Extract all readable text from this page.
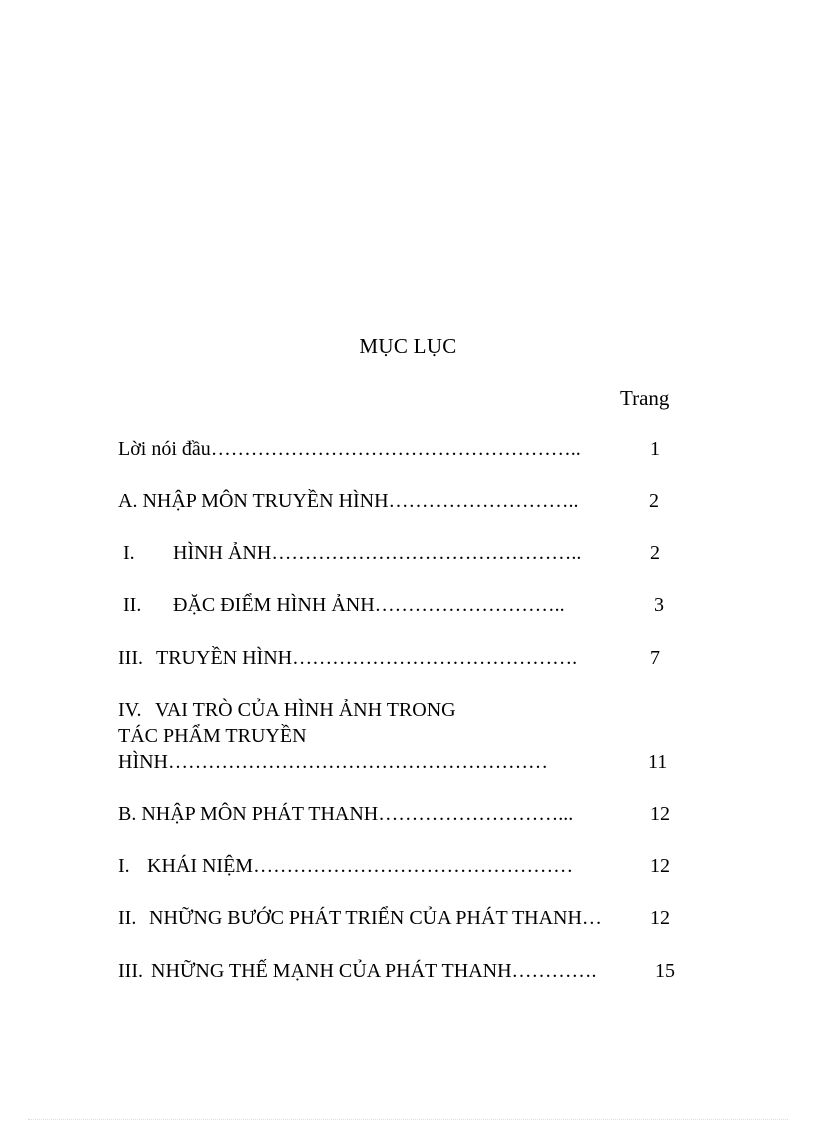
MỤC LỤC
Trang
Lời nói đầu………………………………………………..	1
A. NHẬP MÔN TRUYỀN HÌNH………………………..	2
I. HÌNH ẢNH………………………………………..	2
II. ĐẶC ĐIỂM HÌNH ẢNH………………………..	3
III. TRUYỀN HÌNH…………………………………….	7
IV. VAI TRÒ CỦA HÌNH ẢNH TRONG
TÁC PHẨM TRUYỀN
HÌNH…………………………………………………	11
B. NHẬP MÔN PHÁT THANH………………………...	12
I. KHÁI NIỆM…………………………………………	12
II. NHỮNG BƯỚC PHÁT TRIỂN CỦA PHÁT THANH… 12
III. NHỮNG THẾ MẠNH CỦA PHÁT THANH………….	15
